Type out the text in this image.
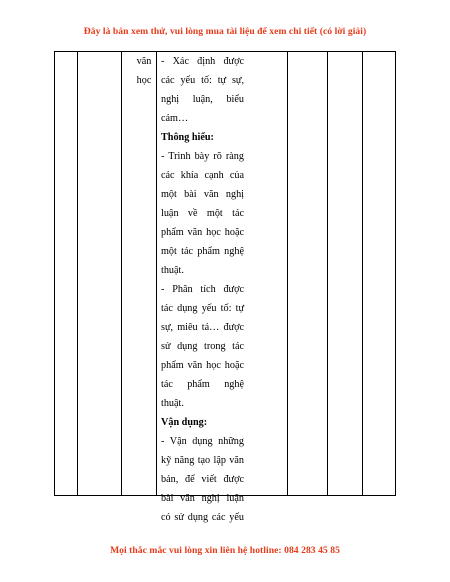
Đây là bản xem thử, vui lòng mua tài liệu để xem chi tiết (có lời giải)
văn
học
- Xác định được
các yếu tố: tự sự,
nghị luận, biểu
cảm…
Thông hiểu:
- Trình bày rõ ràng
các khía cạnh của
một bài văn nghị
luận về một tác
phẩm văn học hoặc
một tác phẩm nghệ
thuật.
- Phân tích được
tác dụng yếu tố: tự
sự, miêu tả… được
sử dụng trong tác
phẩm văn học hoặc
tác phẩm nghệ
thuật.
Vận dụng:
- Vận dụng những
kỹ năng tạo lập văn
bản, để viết được
bài văn nghị luận
có sử dụng các yếu
Mọi thắc mắc vui lòng xin liên hệ hotline: 084 283 45 85
